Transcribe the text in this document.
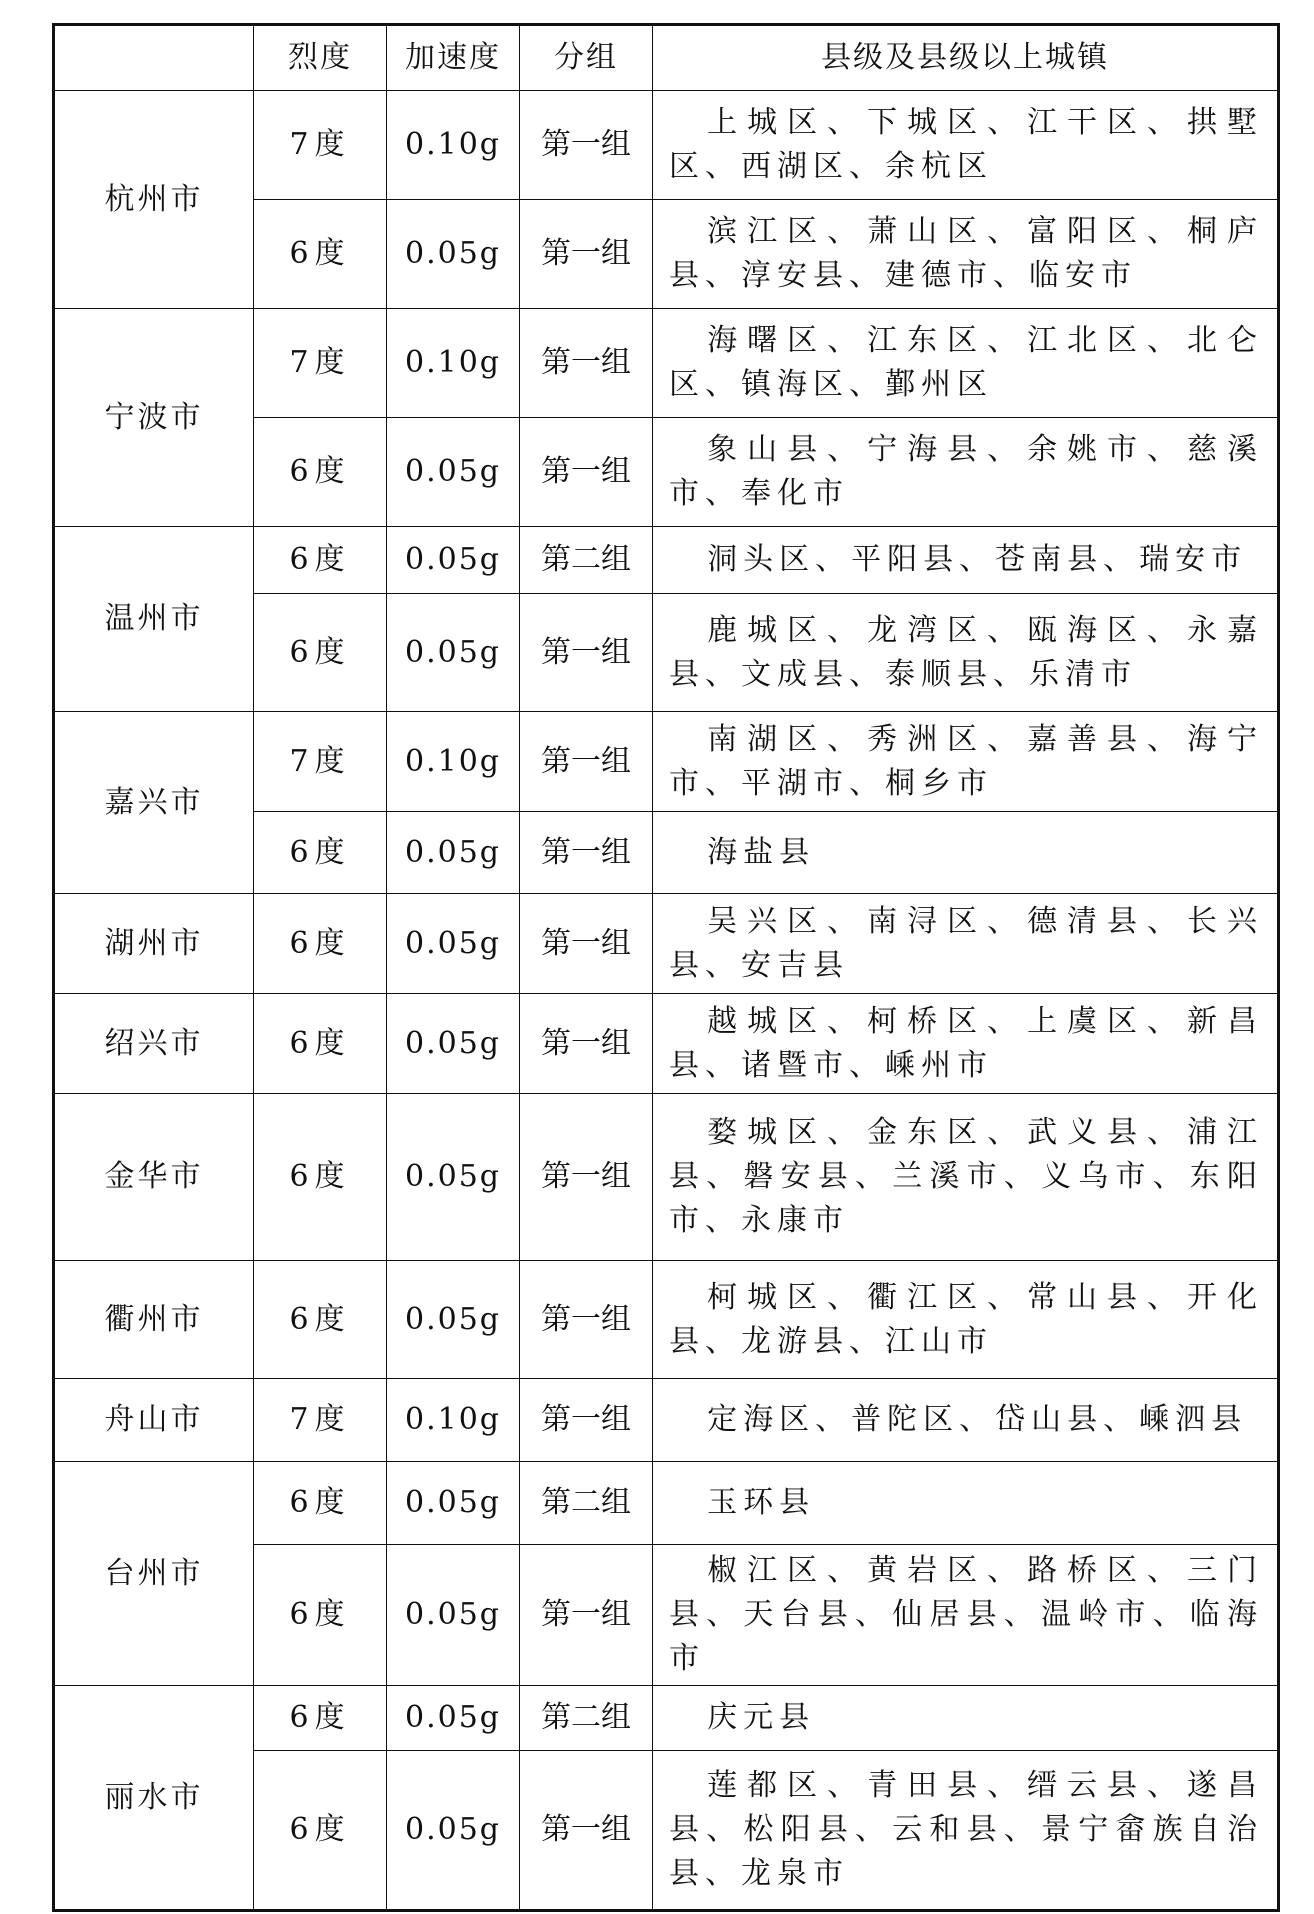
	烈度	加速度	分组	县级及县级以上城镇
杭州市	7度	0.10g	第一组	上城区、下城区、江干区、拱墅区、西湖区、余杭区

	6度	0.05g	第一组	滨江区、萧山区、富阳区、桐庐县、淳安县、建德市、临安市

宁波市	7度	0.10g	第一组	海曙区、江东区、江北区、北仑区、镇海区、鄞州区

	6度	0.05g	第一组	象山县、宁海县、余姚市、慈溪市、奉化市

温州市	6度	0.05g	第二组	洞头区、平阳县、苍南县、瑞安市

	6度	0.05g	第一组	鹿城区、龙湾区、瓯海区、永嘉县、文成县、泰顺县、乐清市

嘉兴市	7度	0.10g	第一组	南湖区、秀洲区、嘉善县、海宁市、平湖市、桐乡市

	6度	0.05g	第一组	海盐县

湖州市	6度	0.05g	第一组	吴兴区、南浔区、德清县、长兴县、安吉县

绍兴市	6度	0.05g	第一组	越城区、柯桥区、上虞区、新昌县、诸暨市、嵊州市

金华市	6度	0.05g	第一组	婺城区、金东区、武义县、浦江县、磐安县、兰溪市、义乌市、东阳市、永康市

衢州市	6度	0.05g	第一组	柯城区、衢江区、常山县、开化县、龙游县、江山市

舟山市	7度	0.10g	第一组	定海区、普陀区、岱山县、嵊泗县

台州市	6度	0.05g	第二组	玉环县

	6度	0.05g	第一组	椒江区、黄岩区、路桥区、三门县、天台县、仙居县、温岭市、临海市

丽水市	6度	0.05g	第二组	庆元县

	6度	0.05g	第一组	莲都区、青田县、缙云县、遂昌县、松阳县、云和县、景宁畲族自治县、龙泉市
